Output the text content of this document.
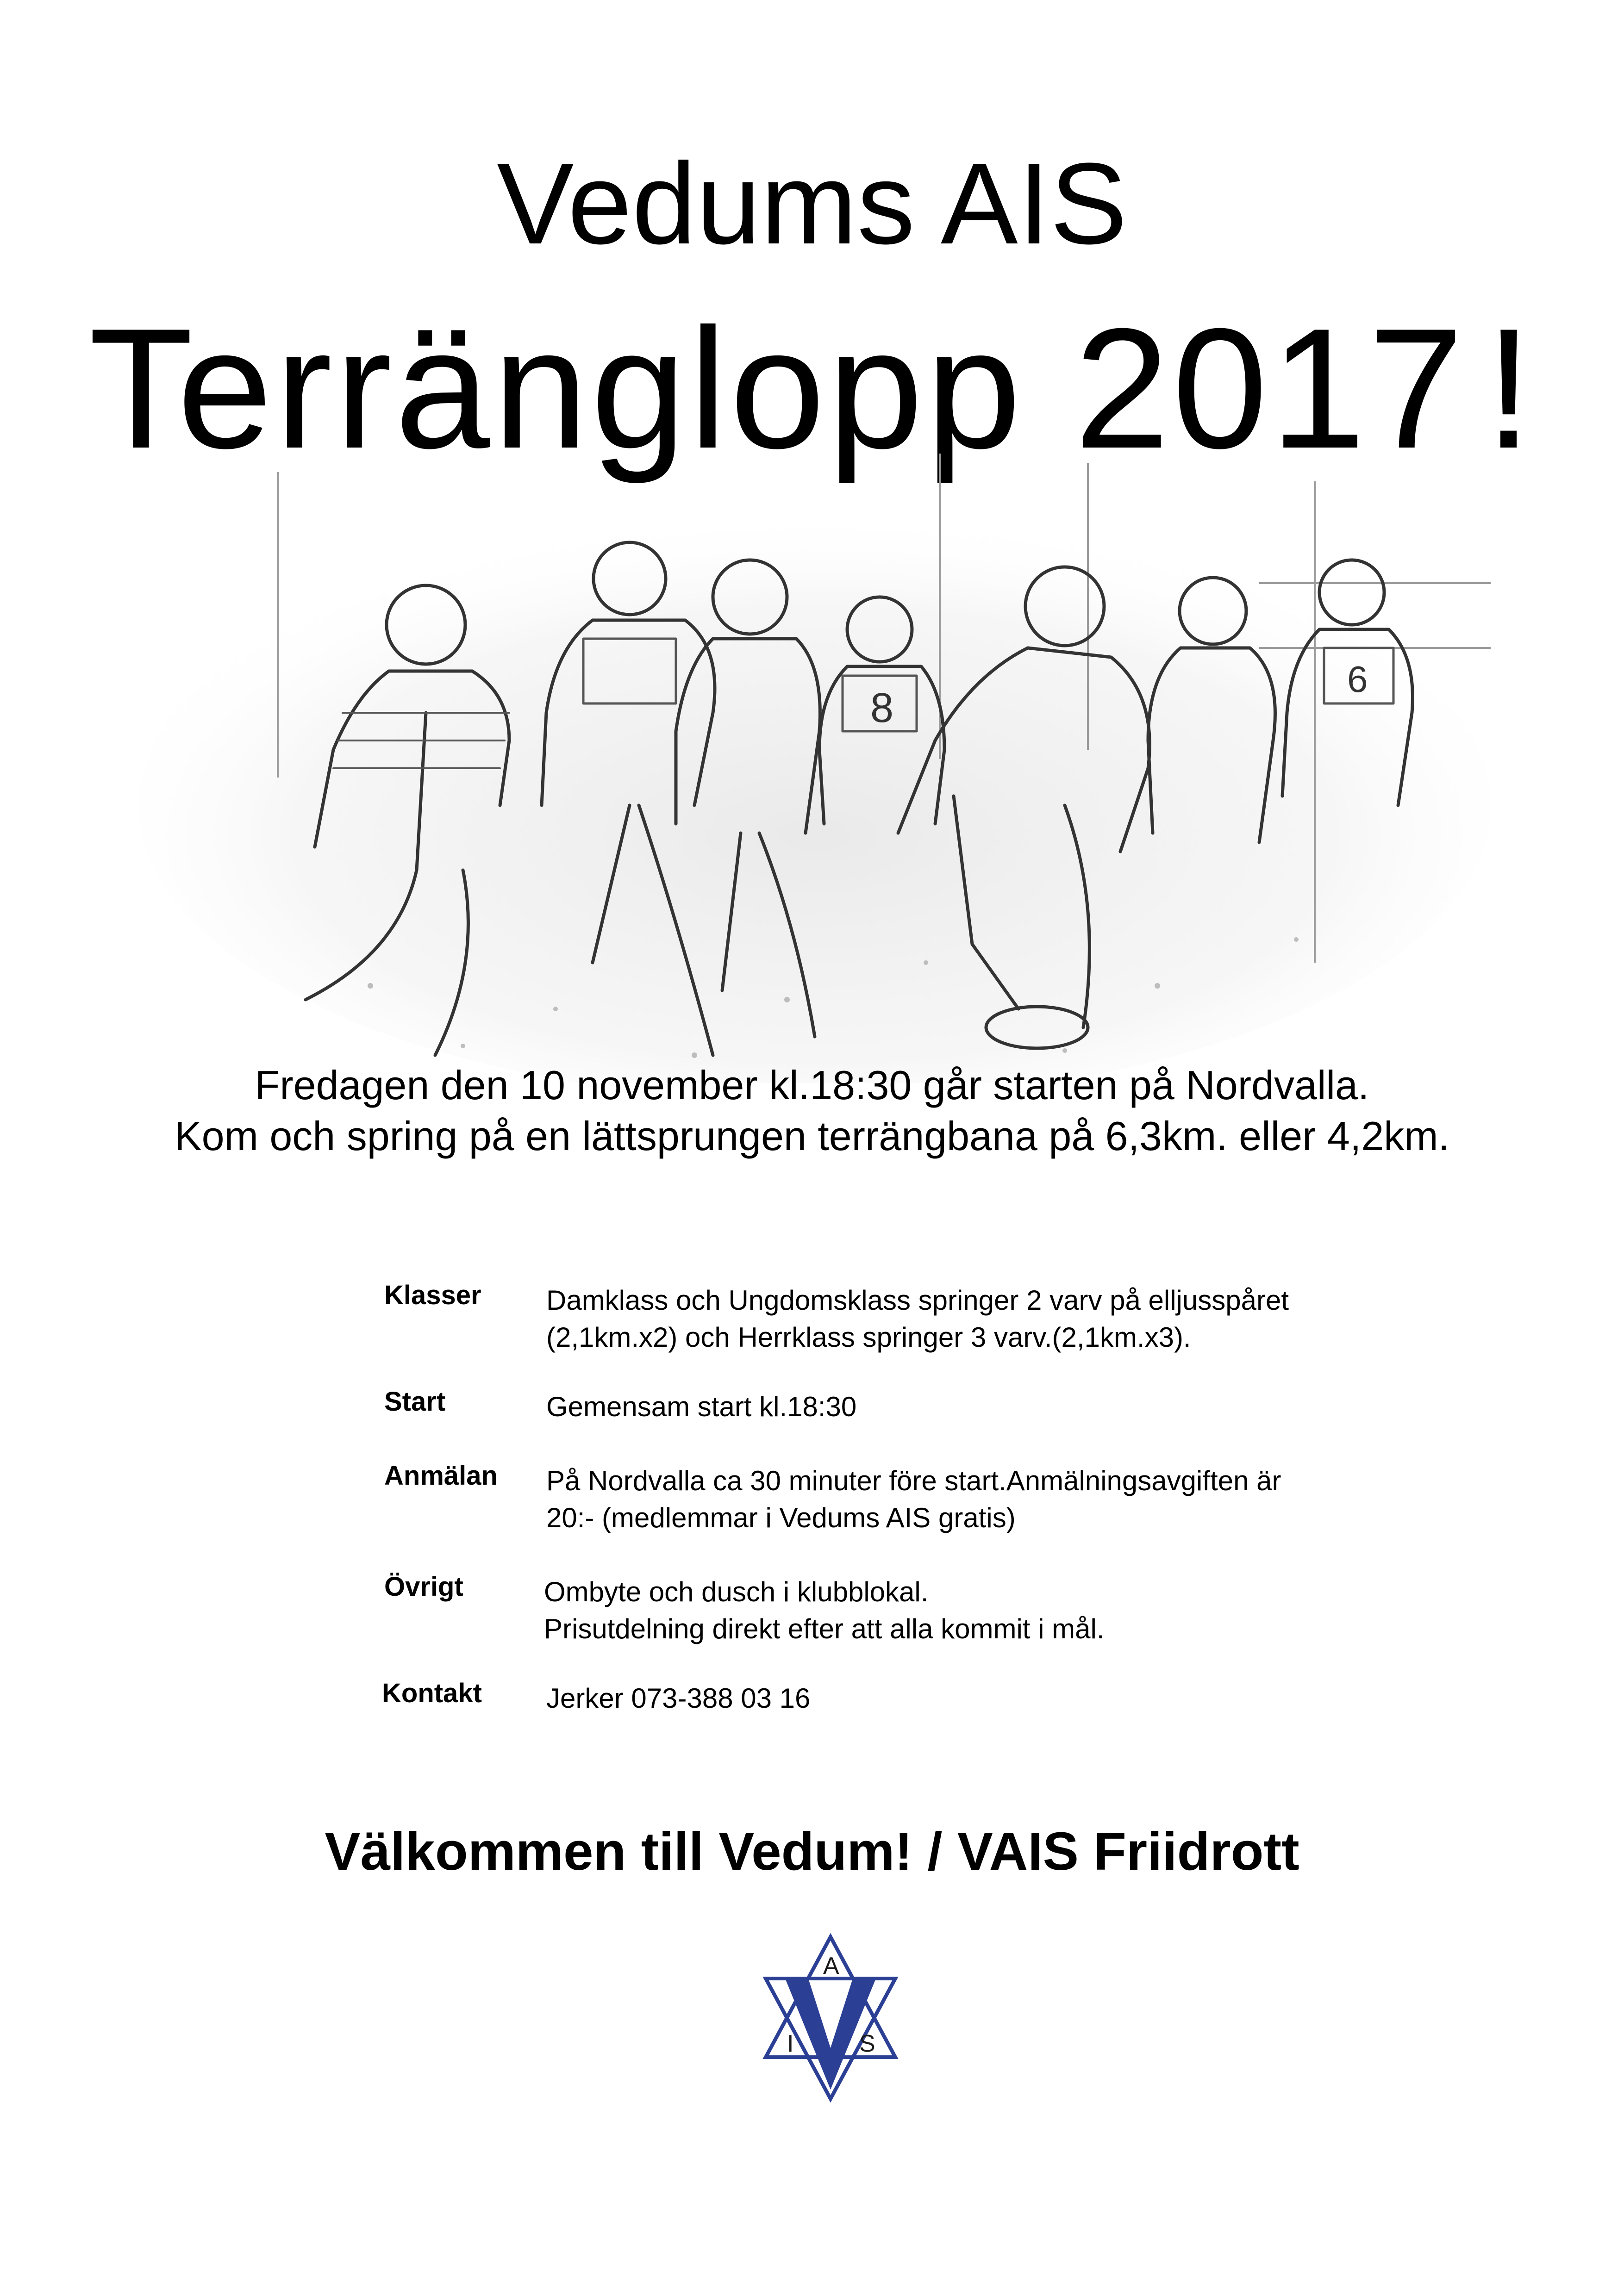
Vedums AIS
Terränglopp 2017 !
8
6
Fredagen den 10 november kl.18:30 går starten på Nordvalla.
Kom och spring på en lättsprungen terrängbana på 6,3km. eller 4,2km.
Klasser Damklass och Ungdomsklass springer 2 varv på elljusspåret
(2,1km.x2) och Herrklass springer 3 varv.(2,1km.x3).
Start	Gemensam start kl.18:30
Anmälan På Nordvalla ca 30 minuter före start.Anmälningsavgiften är
20:- (medlemmar i Vedums AIS gratis)
Övrigt	Ombyte och dusch i klubblokal.
Prisutdelning direkt efter att alla kommit i mål.
Kontakt Jerker 073-388 03 16
Välkommen till Vedum! / VAIS Friidrott
A
I	S
